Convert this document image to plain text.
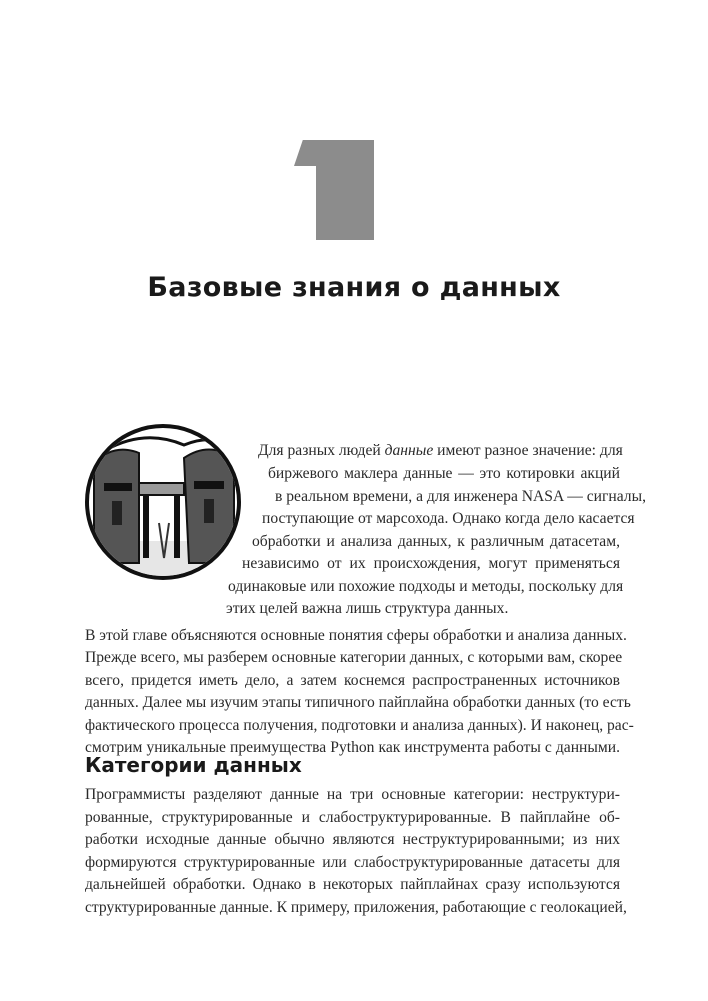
Базовые знания о данных
Для разных людей данные имеют разное значение: для
биржевого маклера данные — это котировки акций
в реальном времени, а для инженера NASA — сигналы,
поступающие от марсохода. Однако когда дело касается
обработки и анализа данных, к различным датасетам,
независимо от их происхождения, могут применяться
одинаковые или похожие подходы и методы, поскольку для
этих целей важна лишь структура данных.
В этой главе объясняются основные понятия сферы обработки и анализа данных.
Прежде всего, мы разберем основные категории данных, с которыми вам, скорее
всего, придется иметь дело, а затем коснемся распространенных источников
данных. Далее мы изучим этапы типичного пайплайна обработки данных (то есть
фактического процесса получения, подготовки и анализа данных). И наконец, рас-
смотрим уникальные преимущества Python как инструмента работы с данными.
Категории данных
Программисты разделяют данные на три основные категории: неструктури-
рованные, структурированные и слабоструктурированные. В пайплайне об-
работки исходные данные обычно являются неструктурированными; из них
формируются структурированные или слабоструктурированные датасеты для
дальнейшей обработки. Однако в некоторых пайплайнах сразу используются
структурированные данные. К примеру, приложения, работающие с геолокацией,
